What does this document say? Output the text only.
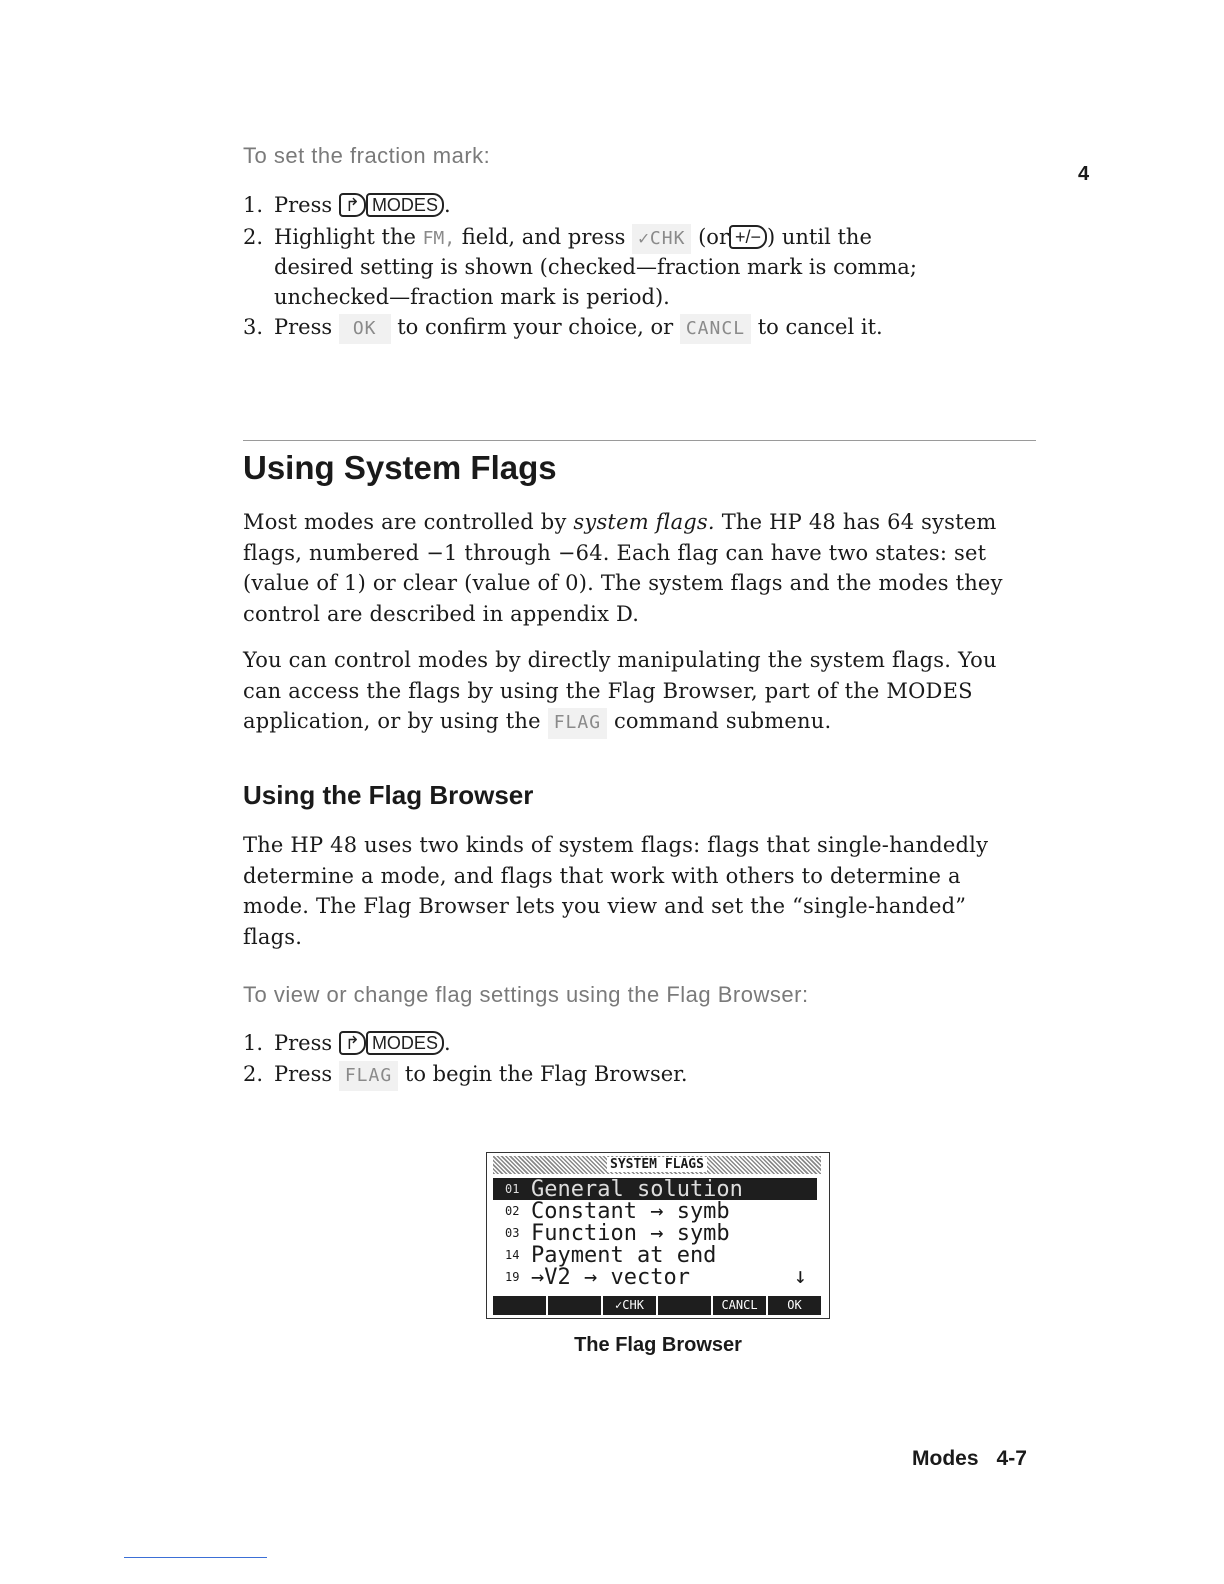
4
To set the fraction mark:
1. Press ↱ MODES .
2. Highlight the FM, field, and press ✓CHK (or +/− ) until the
desired setting is shown (checked—fraction mark is comma;
unchecked—fraction mark is period).
3. Press OK to confirm your choice, or CANCL to cancel it.
Using System Flags

Most modes are controlled by system flags. The HP 48 has 64 system

flags, numbered −1 through −64. Each flag can have two states: set

(value of 1) or clear (value of 0). The system flags and the modes they

control are described in appendix D.

You can control modes by directly manipulating the system flags. You

can access the flags by using the Flag Browser, part of the MODES

application, or by using the FLAG command submenu.

Using the Flag Browser

The HP 48 uses two kinds of system flags: flags that single-handedly

determine a mode, and flags that work with others to determine a

mode. The Flag Browser lets you view and set the “single-handed”

flags.

To view or change flag settings using the Flag Browser:
1. Press ↱ MODES .
2. Press FLAG to begin the Flag Browser.
SYSTEM FLAGS
01 General solution
02 Constant → symb
03 Function → symb
14 Payment at end
19 →V2 → vector	↓
✓CHK	CANCL	OK
The Flag Browser
Modes 4-7
